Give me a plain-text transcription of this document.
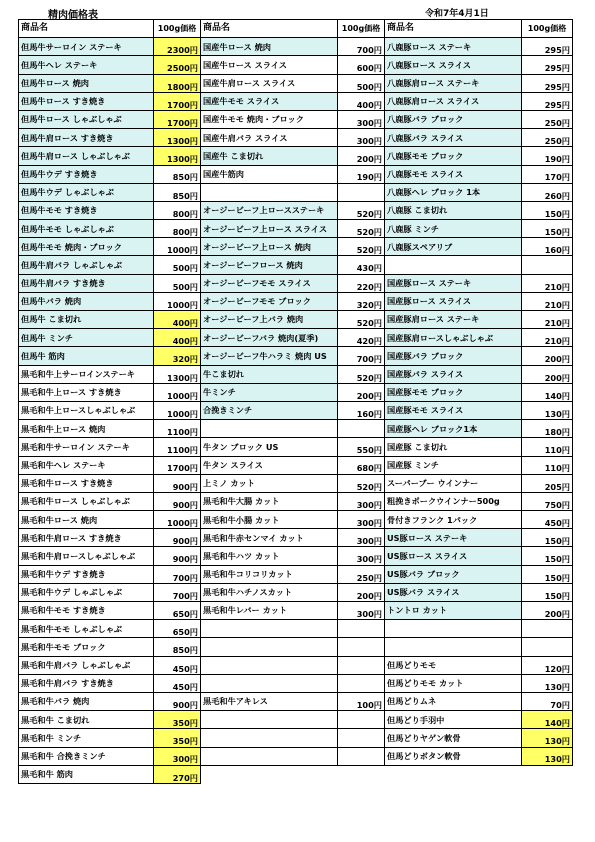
精肉価格表	令和7年4月1日
商品名	100g価格	商品名	100g価格	商品名	100g価格
但馬牛サーロイン ステーキ	2300円	国産牛ロース 焼肉	700円	八鹿豚ロース ステーキ	295円
但馬牛ヘレ ステーキ	2500円	国産牛ロース スライス	600円	八鹿豚ロース スライス	295円
但馬牛ロース 焼肉	1800円	国産牛肩ロース スライス	500円	八鹿豚肩ロース ステーキ	295円
但馬牛ロース すき焼き	1700円	国産牛モモ スライス	400円	八鹿豚肩ロース スライス	295円
但馬牛ロース しゃぶしゃぶ	1700円	国産牛モモ 焼肉・ブロック	300円	八鹿豚バラ ブロック	250円
但馬牛肩ロース すき焼き	1300円	国産牛肩バラ スライス	300円	八鹿豚バラ スライス	250円
但馬牛肩ロース しゃぶしゃぶ	1300円	国産牛 こま切れ	200円	八鹿豚モモ ブロック	190円
但馬牛ウデ すき焼き	850円	国産牛筋肉	190円	八鹿豚モモ スライス	170円
但馬牛ウデ しゃぶしゃぶ	850円			八鹿豚ヘレ ブロック 1本	260円
但馬牛モモ すき焼き	800円	オージービーフ上ロースステーキ	520円	八鹿豚 こま切れ	150円
但馬牛モモ しゃぶしゃぶ	800円	オージービーフ上ロース スライス	520円	八鹿豚 ミンチ	150円
但馬牛モモ 焼肉・ブロック	1000円	オージービーフ上ロース 焼肉	520円	八鹿豚スペアリブ	160円
但馬牛肩バラ しゃぶしゃぶ	500円	オージービーフロース 焼肉	430円		
但馬牛肩バラ すき焼き	500円	オージービーフモモ スライス	220円	国産豚ロース ステーキ	210円
但馬牛バラ 焼肉	1000円	オージービーフモモ ブロック	320円	国産豚ロース スライス	210円
但馬牛 こま切れ	400円	オージービーフ上バラ 焼肉	520円	国産豚肩ロース ステーキ	210円
但馬牛 ミンチ	400円	オージービーフバラ 焼肉(夏季)	420円	国産豚肩ロースしゃぶしゃぶ	210円
但馬牛 筋肉	320円	オージービーフ牛ハラミ 焼肉 US	700円	国産豚バラ ブロック	200円
黒毛和牛上サーロインステーキ	1300円	牛こま切れ	520円	国産豚バラ スライス	200円
黒毛和牛上ロース すき焼き	1000円	牛ミンチ	200円	国産豚モモ ブロック	140円
黒毛和牛上ロースしゃぶしゃぶ	1000円	合挽きミンチ	160円	国産豚モモ スライス	130円
黒毛和牛上ロース 焼肉	1100円			国産豚ヘレ ブロック1本	180円
黒毛和牛サーロイン ステーキ	1100円	牛タン ブロック US	550円	国産豚 こま切れ	110円
黒毛和牛ヘレ ステーキ	1700円	牛タン スライス	680円	国産豚 ミンチ	110円
黒毛和牛ロース すき焼き	900円	上ミノ カット	520円	スーパーブー ウインナー	205円
黒毛和牛ロース しゃぶしゃぶ	900円	黒毛和牛大腸 カット	300円	粗挽きポークウインナー500g	750円
黒毛和牛ロース 焼肉	1000円	黒毛和牛小腸 カット	300円	骨付きフランク 1パック	450円
黒毛和牛肩ロース すき焼き	900円	黒毛和牛赤センマイ カット	300円	US豚ロース ステーキ	150円
黒毛和牛肩ロースしゃぶしゃぶ	900円	黒毛和牛ハツ カット	300円	US豚ロース スライス	150円
黒毛和牛ウデ すき焼き	700円	黒毛和牛コリコリカット	250円	US豚バラ ブロック	150円
黒毛和牛ウデ しゃぶしゃぶ	700円	黒毛和牛ハチノスカット	200円	US豚バラ スライス	150円
黒毛和牛モモ すき焼き	650円	黒毛和牛レバー カット	300円	トントロ カット	200円
黒毛和牛モモ しゃぶしゃぶ	650円				
黒毛和牛モモ ブロック	850円				
黒毛和牛肩バラ しゃぶしゃぶ	450円			但馬どりモモ	120円
黒毛和牛肩バラ すき焼き	450円			但馬どりモモ カット	130円
黒毛和牛バラ 焼肉	900円	黒毛和牛アキレス	100円	但馬どりムネ	70円
黒毛和牛 こま切れ	350円			但馬どり手羽中	140円
黒毛和牛 ミンチ	350円			但馬どりヤゲン軟骨	130円
黒毛和牛 合挽きミンチ	300円			但馬どりボタン軟骨	130円
黒毛和牛 筋肉	270円				
